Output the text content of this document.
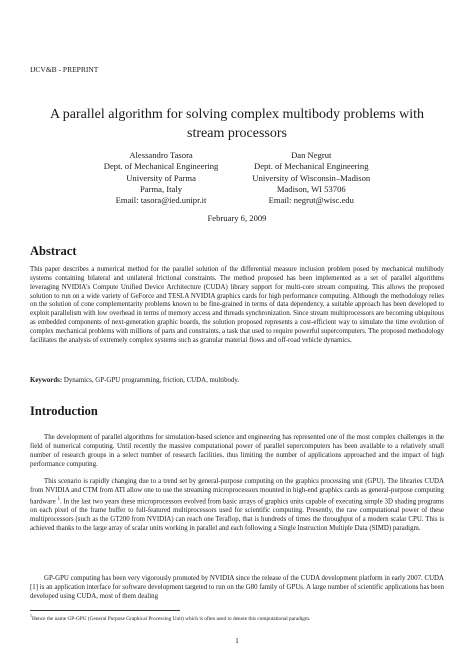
IJCV&B - PREPRINT
A parallel algorithm for solving complex multibody problems with stream processors
Alessandro Tasora
Dept. of Mechanical Engineering
University of Parma
Parma, Italy
Email: tasora@ied.unipr.it
Dan Negrut
Dept. of Mechanical Engineering
University of Wisconsin–Madison
Madison, WI 53706
Email: negrut@wisc.edu
February 6, 2009
Abstract

This paper describes a numerical method for the parallel solution of the differential measure inclusion problem posed by mechanical multibody systems containing bilateral and unilateral frictional constraints. The method proposed has been implemented as a set of parallel algorithms leveraging NVIDIA's Compute Unified Device Architecture (CUDA) library support for multi-core stream computing. This allows the proposed solution to run on a wide variety of GeForce and TESLA NVIDIA graphics cards for high performance computing. Although the methodology relies on the solution of cone complementarity problems known to be fine-grained in terms of data dependency, a suitable approach has been developed to exploit parallelism with low overhead in terms of memory access and threads synchronization. Since stream multiprocessors are becoming ubiquitous as embedded components of next-generation graphic boards, the solution proposed represents a cost-efficient way to simulate the time evolution of complex mechanical problems with millions of parts and constraints, a task that used to require powerful supercomputers. The proposed methodology facilitates the analysis of extremely complex systems such as granular material flows and off-road vehicle dynamics.

Keywords: Dynamics, GP-GPU programming, friction, CUDA, multibody.

Introduction

The development of parallel algorithms for simulation-based science and engineering has represented one of the most complex challenges in the field of numerical computing. Until recently the massive computational power of parallel supercomputers has been available to a relatively small number of research groups in a select number of research facilities, thus limiting the number of applications approached and the impact of high performance computing.

This scenario is rapidly changing due to a trend set by general-purpose computing on the graphics processing unit (GPU). The libraries CUDA from NVIDIA and CTM from ATI allow one to use the streaming microprocessors mounted in high-end graphics cards as general-purpose computing hardware $^1$. In the last two years these microprocessors evolved from basic arrays of graphics units capable of executing simple 3D shading programs on each pixel of the frame buffer to full-featured multiprocessors used for scientific computing. Presently, the raw computational power of these multiprocessors (such as the GT200 from NVIDIA) can reach one Teraflop, that is hundreds of times the throughput of a modern scalar CPU. This is achieved thanks to the large array of scalar units working in parallel and each following a Single Instruction Multiple Data (SIMD) paradigm.

GP-GPU computing has been very vigorously promoted by NVIDIA since the release of the CUDA development platform in early 2007. CUDA [1] is an application interface for software development targeted to run on the G80 family of GPUs. A large number of scientific applications has been developed using CUDA, most of them dealing

$^1$Hence the name GP-GPU (General Purpose Graphical Processing Unit) which is often used to denote this computational paradigm.
1
